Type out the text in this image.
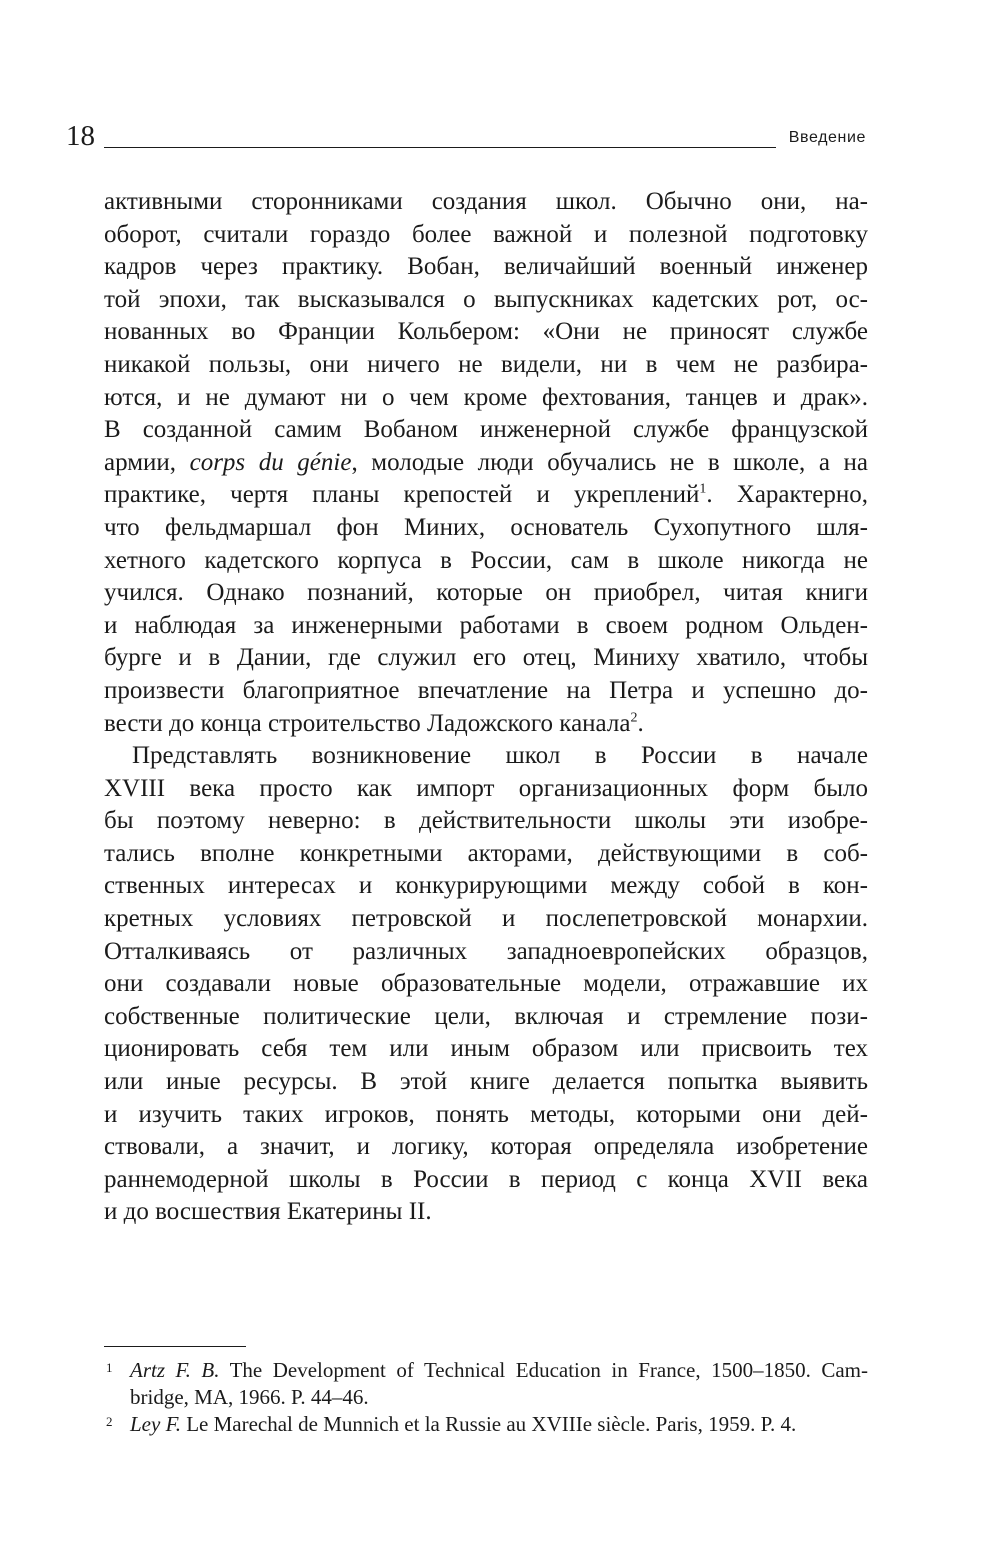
18	Введение
активными сторонниками создания школ. Обычно они, на-
оборот, считали гораздо более важной и полезной подготовку
кадров через практику. Вобан, величайший военный инженер
той эпохи, так высказывался о выпускниках кадетских рот, ос-
нованных во Франции Кольбером: «Они не приносят службе
никакой пользы, они ничего не видели, ни в чем не разбира-
ются, и не думают ни о чем кроме фехтования, танцев и драк».
В созданной самим Вобаном инженерной службе французской
армии, corps du génie, молодые люди обучались не в школе, а на
практике, чертя планы крепостей и укреплений$^1$. Характерно,
что фельдмаршал фон Миних, основатель Сухопутного шля-
хетного кадетского корпуса в России, сам в школе никогда не
учился. Однако познаний, которые он приобрел, читая книги
и наблюдая за инженерными работами в своем родном Ольден-
бурге и в Дании, где служил его отец, Миниху хватило, чтобы
произвести благоприятное впечатление на Петра и успешно до-
вести до конца строительство Ладожского канала$^2$.
Представлять возникновение школ в России в начале
XVIII века просто как импорт организационных форм было
бы поэтому неверно: в действительности школы эти изобре-
тались вполне конкретными акторами, действующими в соб-
ственных интересах и конкурирующими между собой в кон-
кретных условиях петровской и послепетровской монархии.
Отталкиваясь от различных западноевропейских образцов,
они создавали новые образовательные модели, отражавшие их
собственные политические цели, включая и стремление пози-
ционировать себя тем или иным образом или присвоить тех
или иные ресурсы. В этой книге делается попытка выявить
и изучить таких игроков, понять методы, которыми они дей-
ствовали, а значит, и логику, которая определяла изобретение
раннемодерной школы в России в период с конца XVII века
и до восшествия Екатерины II.
1 Artz F. B. The Development of Technical Education in France, 1500–1850. Cam-
bridge, MA, 1966. P. 44–46.
2 Ley F. Le Marechal de Munnich et la Russie au XVIIIe siècle. Paris, 1959. P. 4.
